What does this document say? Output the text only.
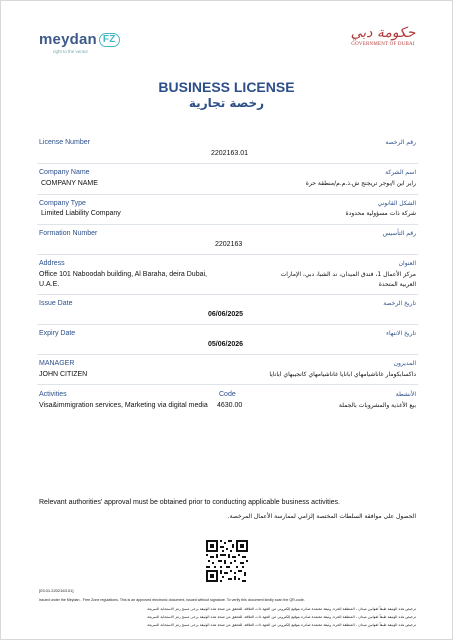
meydan FZ
right to the ventur
حكومة دبي
GOVERNMENT OF DUBAI
BUSINESS LICENSE
رخصة تجارية
License Number	رقم الرخصة
2202163.01
Company Name	اسم الشركة
COMPANY NAME	راير اين ا/بوجر تريجنج ش.ذ.م.م/منطقة حرة
Company Type	الشكل القانوني
Limited Liability Company	شركة ذات مسؤولية محدودة
Formation Number	رقم التأسيس
2202163
Address	العنوان
Office 101 Naboodah building, Al Baraha, deira Dubai,
U.A.E.
مركز الأعمال 1، فندق الميدان، ند الشبا، دبي، الإمارات
العربية المتحدة
Issue Date	تاريخ الرخصة
06/06/2025
Expiry Date	تاريخ الانتهاء
05/06/2026
MANAGER	المديرون
JOHN CITIZEN	داكسابكومار غاناشيامهاي ابانايا غاناشيامهاي كانجيبهاي ابانايا
Activities	Code	الأنشطة
Visa&immigration services, Marketing via digital media 4630.00	بيع الأغذية والمشروبات بالجملة
Relevant authorities' approval must be obtained prior to conducting applicable business activities.
الحصول على موافقة السلطات المختصة إلزامي لممارسة الأعمال المرخصة.
[03.01.2202163.01]
Issued under the Meydan - Free Zone regulations. This is an approved electronic document, issued without signature. To verify this document kindly scan the QR-code.
ترخيص هذه الوثيقة طبقاً لقوانين ميدان - المنطقة الحرة. وثيقة معتمدة صادرة بتوقيع إلكتروني من الجهة ذات العلاقة. للتحقق من صحة هذه الوثيقة يرجى مسح رمز الاستجابة السريعة
ترخيص هذه الوثيقة طبقاً لقوانين ميدان - المنطقة الحرة. وثيقة معتمدة صادرة بتوقيع إلكتروني من الجهة ذات العلاقة. للتحقق من صحة هذه الوثيقة يرجى مسح رمز الاستجابة السريعة
ترخيص هذه الوثيقة طبقاً لقوانين ميدان - المنطقة الحرة. وثيقة معتمدة صادرة بتوقيع إلكتروني من الجهة ذات العلاقة. للتحقق من صحة هذه الوثيقة يرجى مسح رمز الاستجابة السريعة
